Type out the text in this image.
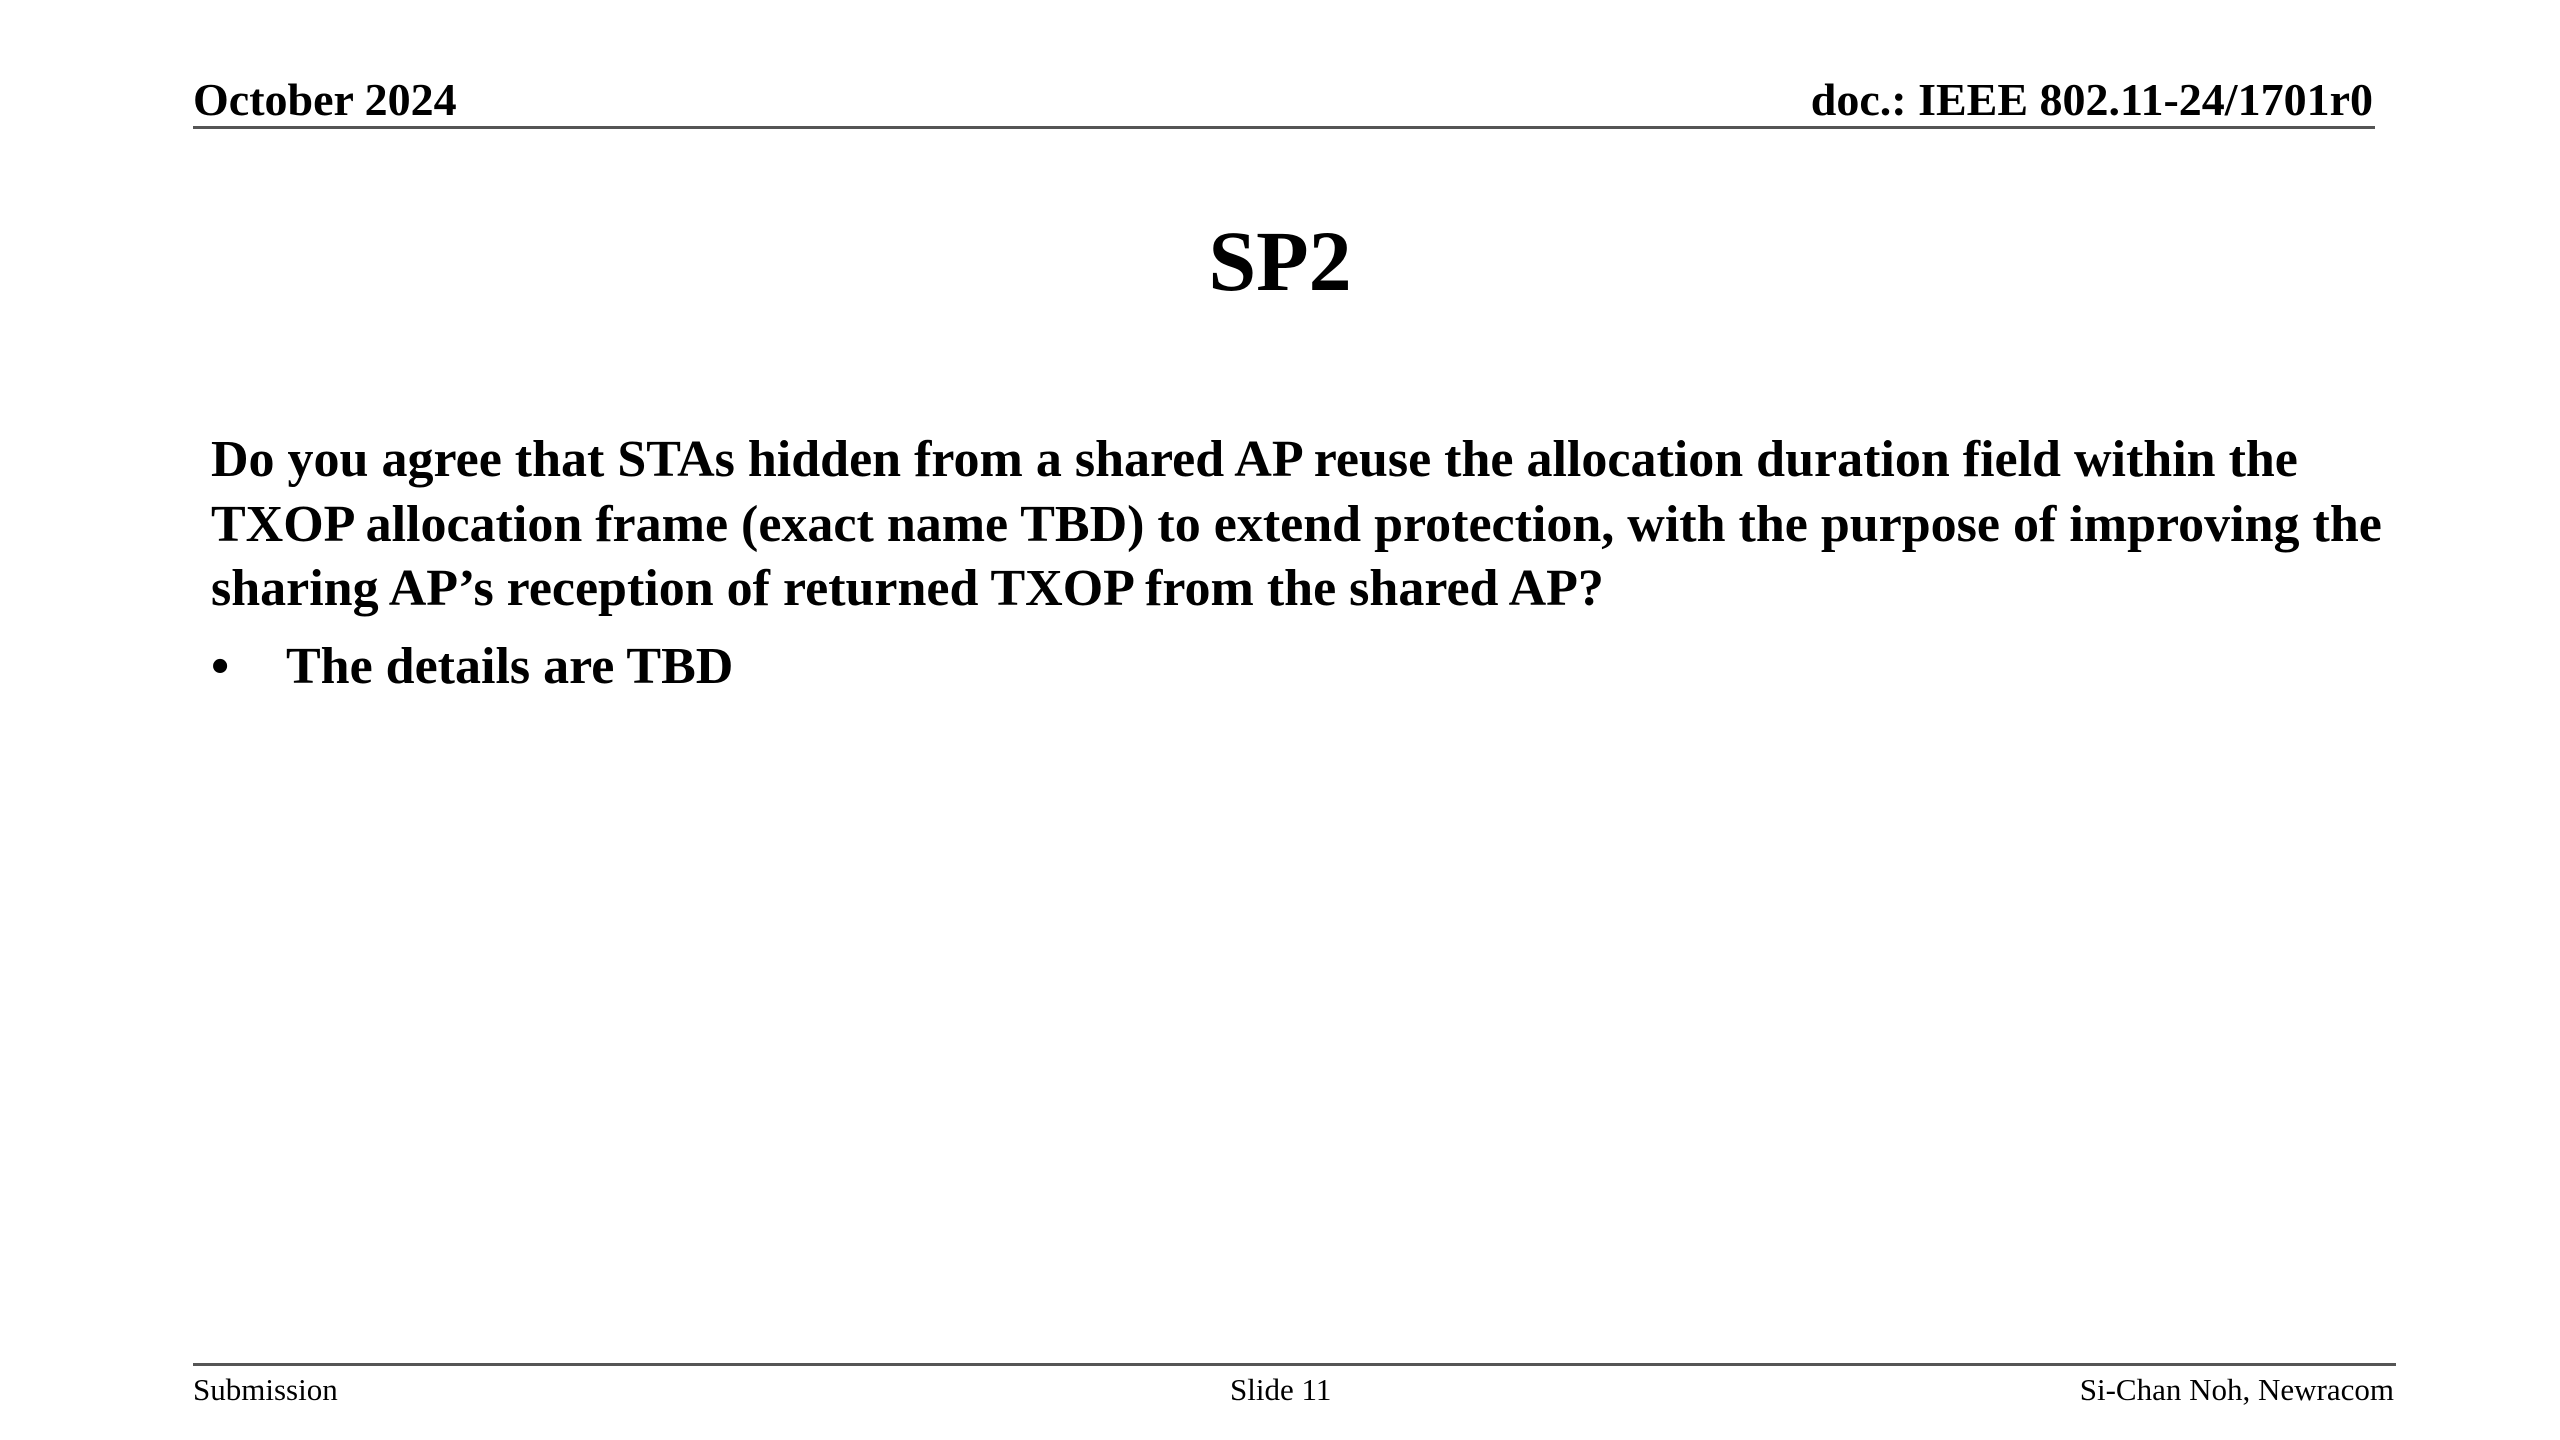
October 2024	doc.: IEEE 802.11-24/1701r0
SP2
Do you agree that STAs hidden from a shared AP reuse the allocation duration field within the TXOP allocation frame (exact name TBD) to extend protection, with the purpose of improving the sharing AP’s reception of returned TXOP from the shared AP?
• The details are TBD
Submission	Slide 11	Si-Chan Noh, Newracom
